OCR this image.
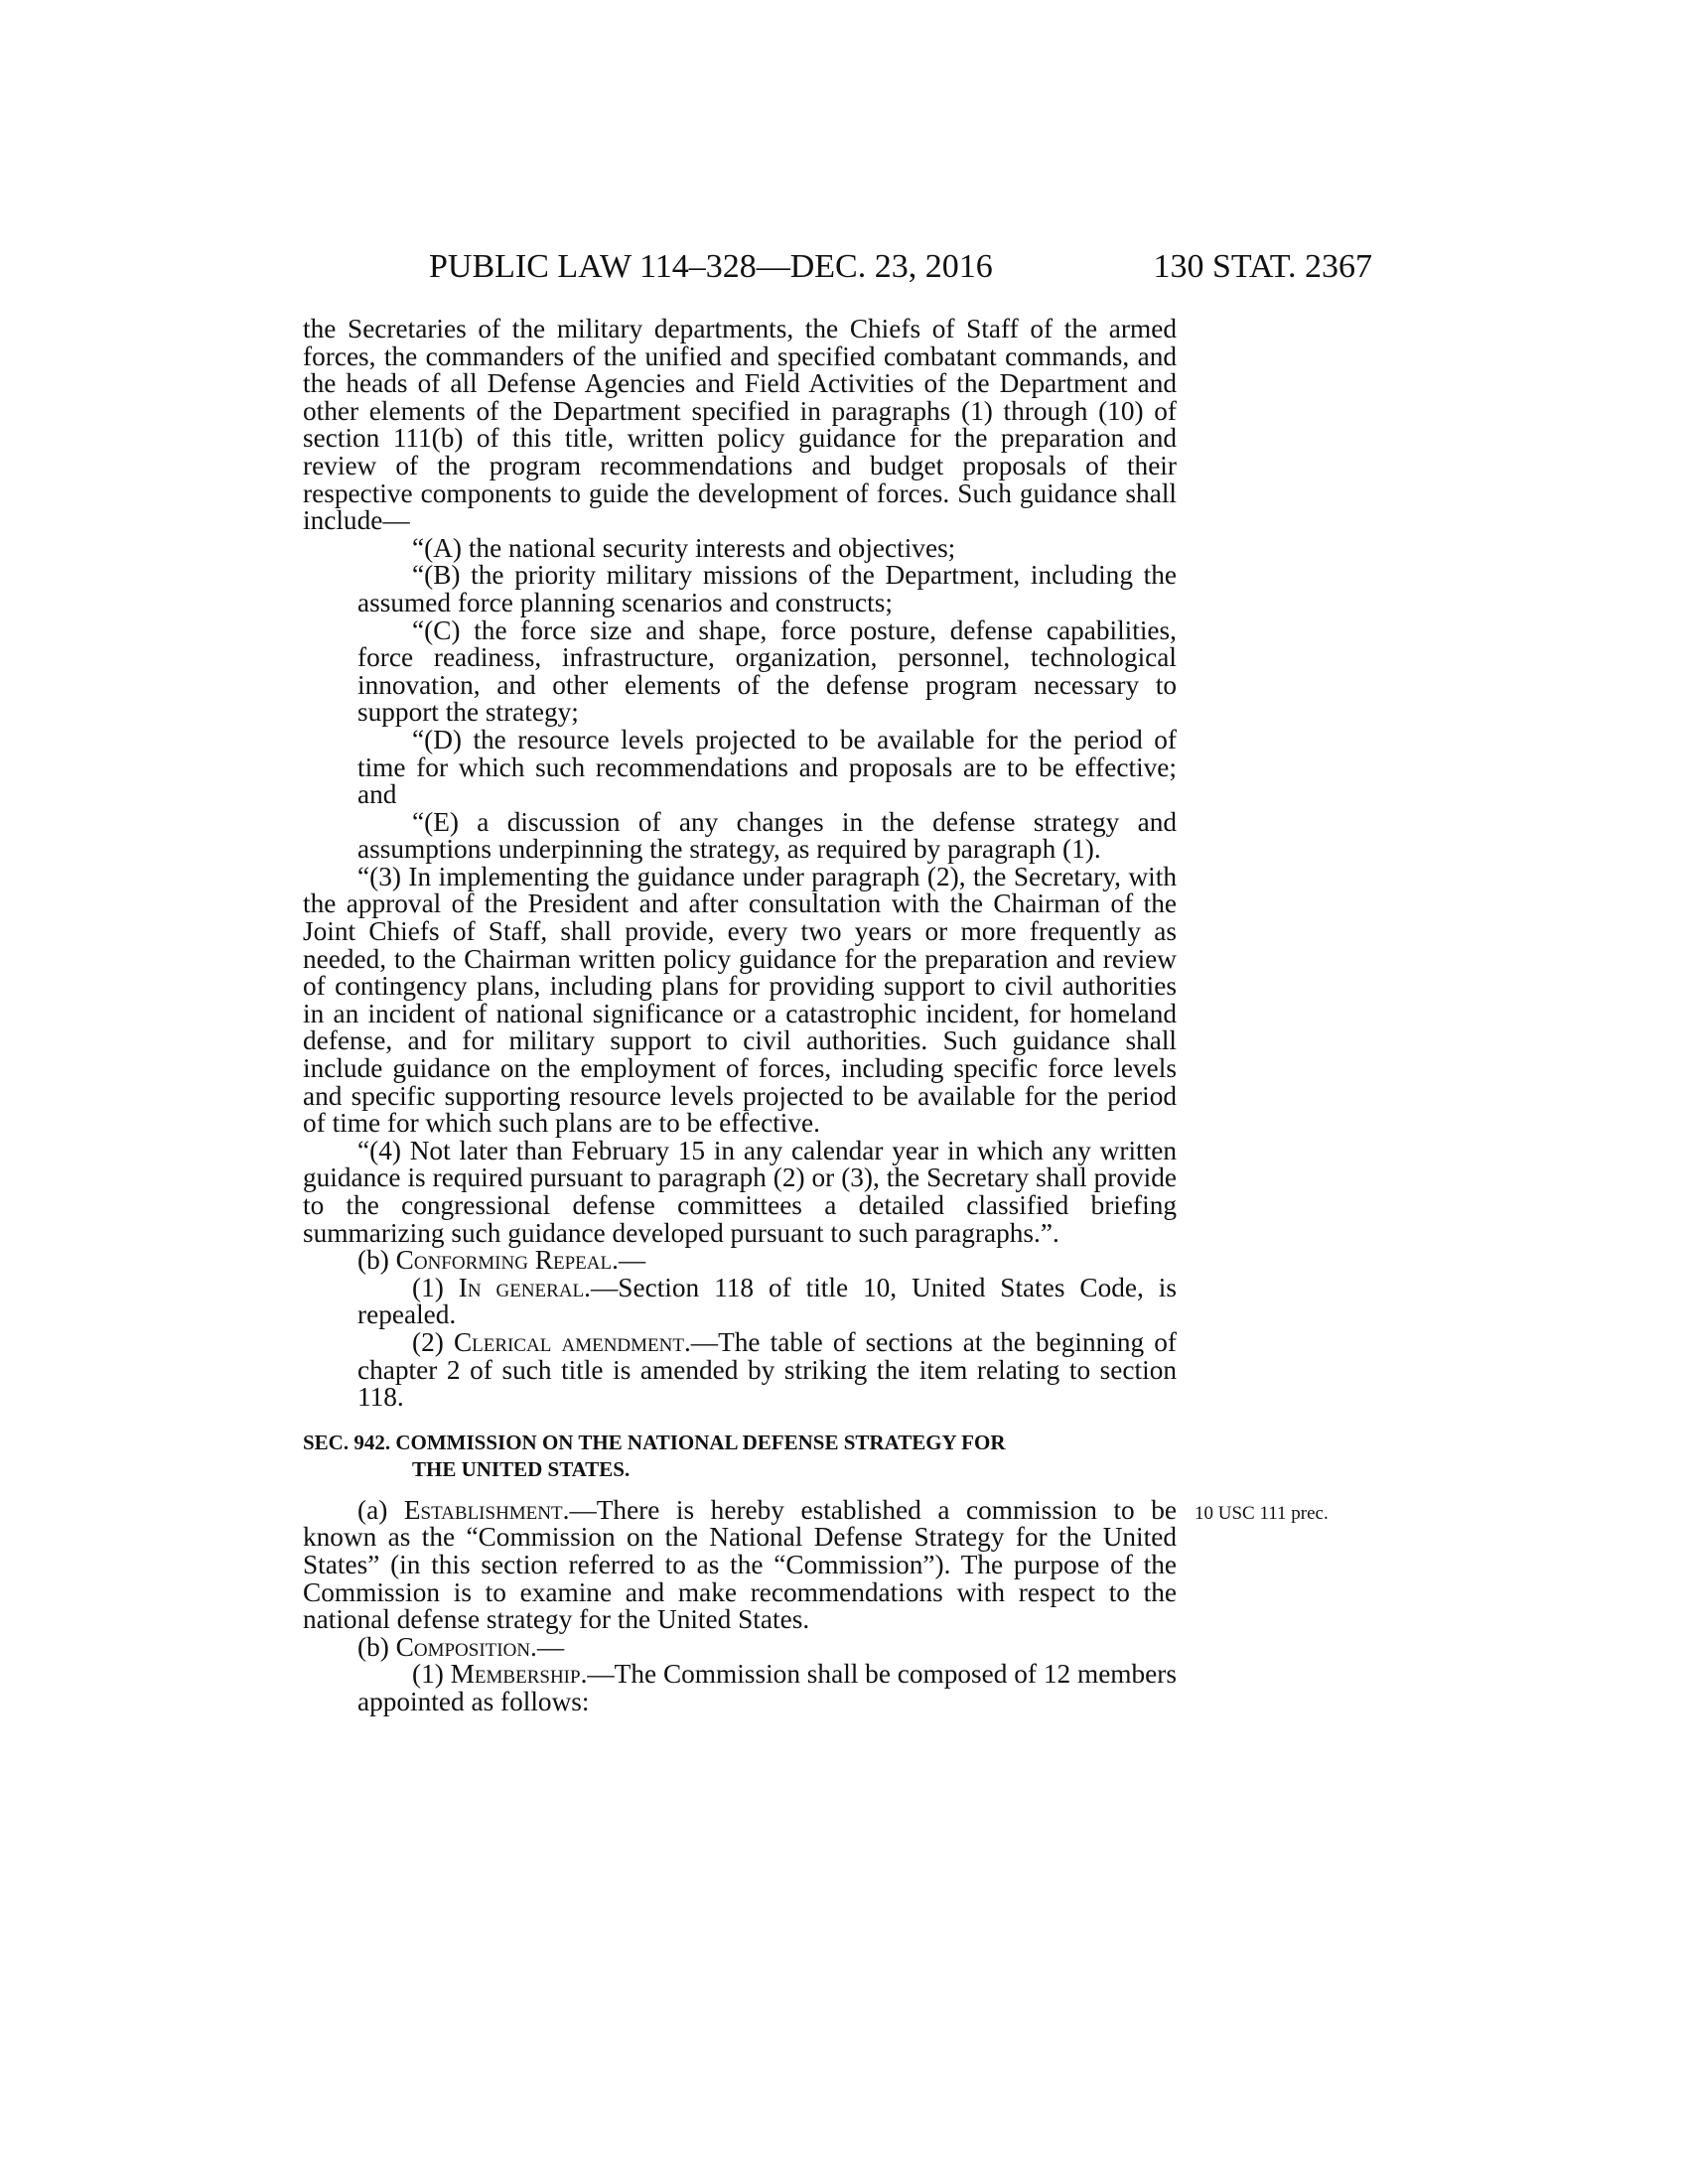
PUBLIC LAW 114–328—DEC. 23, 2016	130 STAT. 2367
10 USC 111 prec.

the Secretaries of the military departments, the Chiefs of Staff of the armed forces, the commanders of the unified and specified combatant commands, and the heads of all Defense Agencies and Field Activities of the Department and other elements of the Department specified in paragraphs (1) through (10) of section 111(b) of this title, written policy guidance for the preparation and review of the program recommendations and budget proposals of their respective components to guide the development of forces. Such guidance shall include—

“(A) the national security interests and objectives;

“(B) the priority military missions of the Department, including the assumed force planning scenarios and constructs;

“(C) the force size and shape, force posture, defense capabilities, force readiness, infrastructure, organization, personnel, technological innovation, and other elements of the defense program necessary to support the strategy;

“(D) the resource levels projected to be available for the period of time for which such recommendations and proposals are to be effective; and

“(E) a discussion of any changes in the defense strategy and assumptions underpinning the strategy, as required by paragraph (1).

“(3) In implementing the guidance under paragraph (2), the Secretary, with the approval of the President and after consultation with the Chairman of the Joint Chiefs of Staff, shall provide, every two years or more frequently as needed, to the Chairman written policy guidance for the preparation and review of contingency plans, including plans for providing support to civil authorities in an incident of national significance or a catastrophic incident, for homeland defense, and for military support to civil authorities. Such guidance shall include guidance on the employment of forces, including specific force levels and specific supporting resource levels projected to be available for the period of time for which such plans are to be effective.

“(4) Not later than February 15 in any calendar year in which any written guidance is required pursuant to paragraph (2) or (3), the Secretary shall provide to the congressional defense committees a detailed classified briefing summarizing such guidance developed pursuant to such paragraphs.”.

(b) Conforming Repeal.—

(1) In general.—Section 118 of title 10, United States Code, is repealed.

(2) Clerical amendment.—The table of sections at the beginning of chapter 2 of such title is amended by striking the item relating to section 118.

SEC. 942. COMMISSION ON THE NATIONAL DEFENSE STRATEGY FOR
THE UNITED STATES.

(a) Establishment.—There is hereby established a commission to be known as the “Commission on the National Defense Strategy for the United States” (in this section referred to as the “Commission”). The purpose of the Commission is to examine and make recommendations with respect to the national defense strategy for the United States.

(b) Composition.—

(1) Membership.—The Commission shall be composed of 12 members appointed as follows:
